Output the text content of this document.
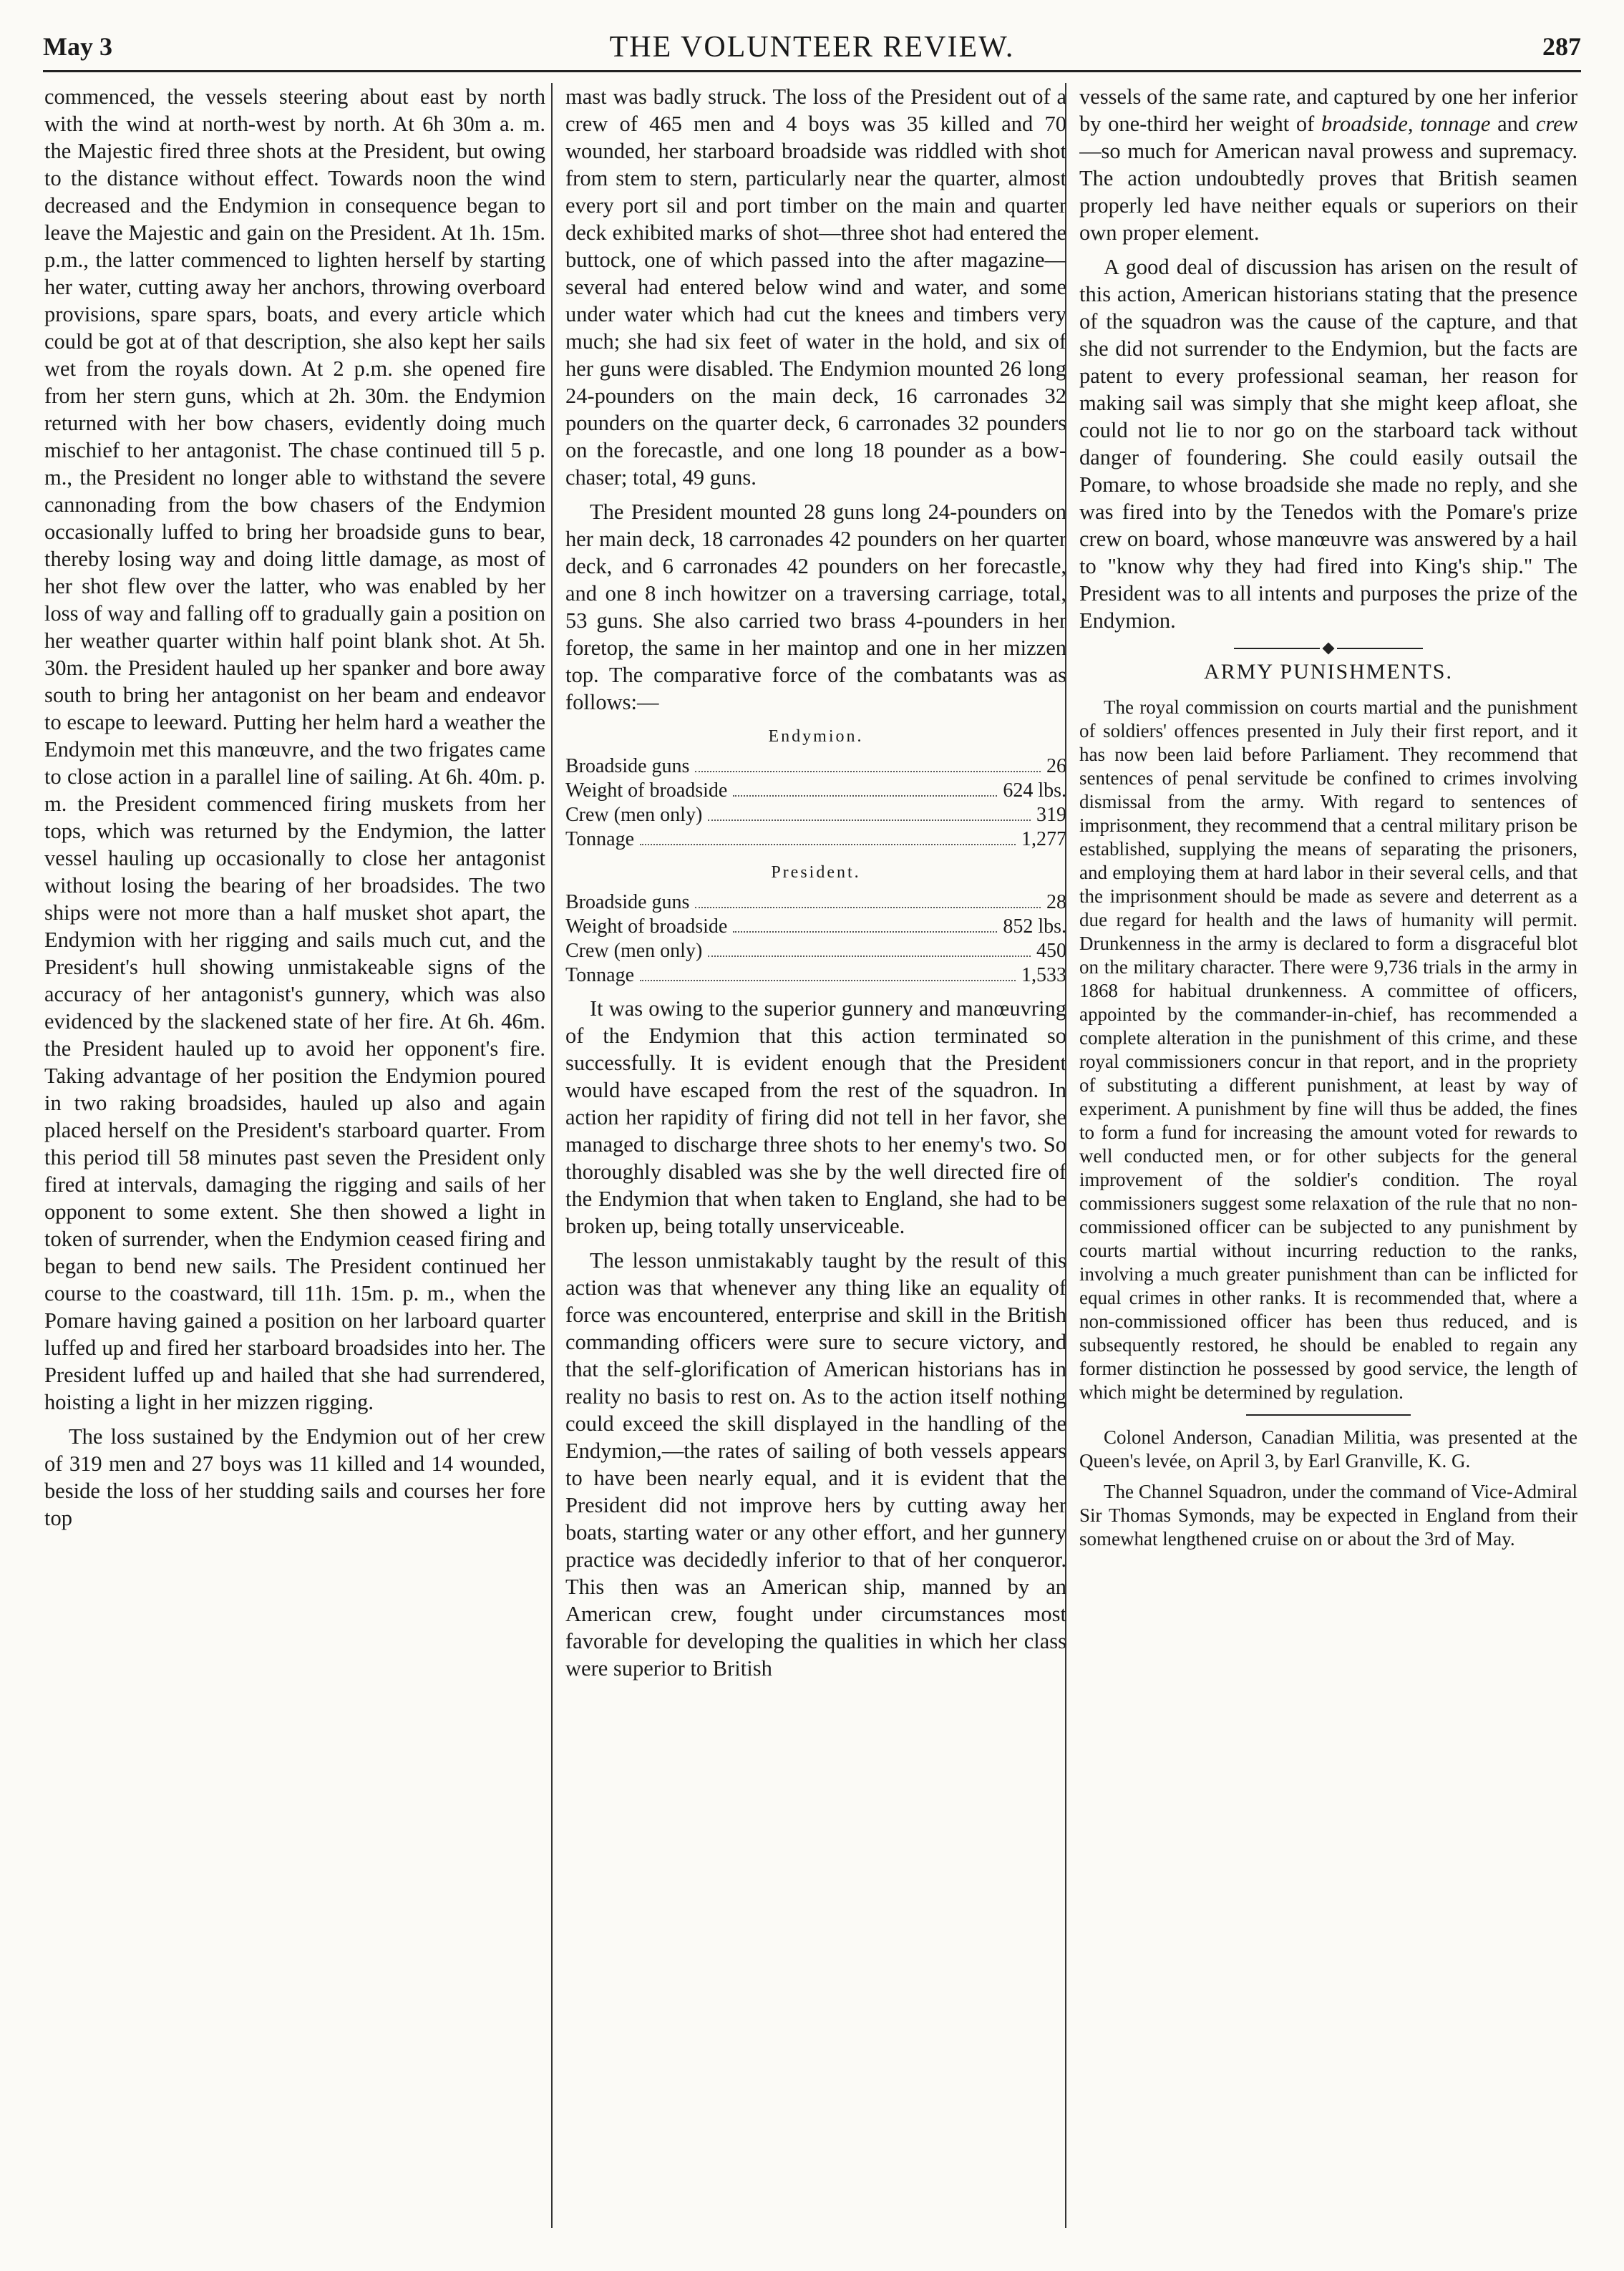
May 3	THE VOLUNTEER REVIEW.	287

commenced, the vessels steering about east by north with the wind at north-west by north. At 6h 30m a. m. the Majestic fired three shots at the President, but owing to the distance without effect. Towards noon the wind decreased and the Endymion in consequence began to leave the Majestic and gain on the President. At 1h. 15m. p.m., the latter commenced to lighten herself by starting her water, cutting away her anchors, throwing overboard provisions, spare spars, boats, and every article which could be got at of that description, she also kept her sails wet from the royals down. At 2 p.m. she opened fire from her stern guns, which at 2h. 30m. the Endymion returned with her bow chasers, evidently doing much mischief to her antagonist. The chase continued till 5 p. m., the President no longer able to withstand the severe cannonading from the bow chasers of the Endymion occasionally luffed to bring her broadside guns to bear, thereby losing way and doing little damage, as most of her shot flew over the latter, who was enabled by her loss of way and falling off to gradually gain a position on her weather quarter within half point blank shot. At 5h. 30m. the President hauled up her spanker and bore away south to bring her antagonist on her beam and endeavor to escape to leeward. Putting her helm hard a weather the Endymoin met this manœuvre, and the two frigates came to close action in a parallel line of sailing. At 6h. 40m. p. m. the President commenced firing muskets from her tops, which was returned by the Endymion, the latter vessel hauling up occasionally to close her antagonist without losing the bearing of her broadsides. The two ships were not more than a half musket shot apart, the Endymion with her rigging and sails much cut, and the President's hull showing unmistakeable signs of the accuracy of her antagonist's gunnery, which was also evidenced by the slackened state of her fire. At 6h. 46m. the President hauled up to avoid her opponent's fire. Taking advantage of her position the Endymion poured in two raking broadsides, hauled up also and again placed herself on the President's starboard quarter. From this period till 58 minutes past seven the President only fired at intervals, damaging the rigging and sails of her opponent to some extent. She then showed a light in token of surrender, when the Endymion ceased firing and began to bend new sails. The President continued her course to the coastward, till 11h. 15m. p. m., when the Pomare having gained a position on her larboard quarter luffed up and fired her starboard broadsides into her. The President luffed up and hailed that she had surrendered, hoisting a light in her mizzen rigging.

The loss sustained by the Endymion out of her crew of 319 men and 27 boys was 11 killed and 14 wounded, beside the loss of her studding sails and courses her fore top

mast was badly struck. The loss of the President out of a crew of 465 men and 4 boys was 35 killed and 70 wounded, her starboard broadside was riddled with shot from stem to stern, particularly near the quarter, almost every port sil and port timber on the main and quarter deck exhibited marks of shot—three shot had entered the buttock, one of which passed into the after magazine—several had entered below wind and water, and some under water which had cut the knees and timbers very much; she had six feet of water in the hold, and six of her guns were disabled. The Endymion mounted 26 long 24-pounders on the main deck, 16 carronades 32 pounders on the quarter deck, 6 carronades 32 pounders on the forecastle, and one long 18 pounder as a bow-chaser; total, 49 guns.

The President mounted 28 guns long 24-pounders on her main deck, 18 carronades 42 pounders on her quarter deck, and 6 carronades 42 pounders on her forecastle, and one 8 inch howitzer on a traversing carriage, total, 53 guns. She also carried two brass 4-pounders in her foretop, the same in her maintop and one in her mizzen top. The comparative force of the combatants was as follows:—

Endymion.
Broadside guns	26
Weight of broadside	624 lbs.
Crew (men only)	319
Tonnage	1,277
President.
Broadside guns	28
Weight of broadside	852 lbs.
Crew (men only)	450
Tonnage	1,533

It was owing to the superior gunnery and manœuvring of the Endymion that this action terminated so successfully. It is evident enough that the President would have escaped from the rest of the squadron. In action her rapidity of firing did not tell in her favor, she managed to discharge three shots to her enemy's two. So thoroughly disabled was she by the well directed fire of the Endymion that when taken to England, she had to be broken up, being totally unserviceable.

The lesson unmistakably taught by the result of this action was that whenever any thing like an equality of force was encountered, enterprise and skill in the British commanding officers were sure to secure victory, and that the self-glorification of American historians has in reality no basis to rest on. As to the action itself nothing could exceed the skill displayed in the handling of the Endymion,—the rates of sailing of both vessels appears to have been nearly equal, and it is evident that the President did not improve hers by cutting away her boats, starting water or any other effort, and her gunnery practice was decidedly inferior to that of her conqueror. This then was an American ship, manned by an American crew, fought under circumstances most favorable for developing the qualities in which her class were superior to British

vessels of the same rate, and captured by one her inferior by one-third her weight of broadside, tonnage and crew—so much for American naval prowess and supremacy. The action undoubtedly proves that British seamen properly led have neither equals or superiors on their own proper element.

A good deal of discussion has arisen on the result of this action, American historians stating that the presence of the squadron was the cause of the capture, and that she did not surrender to the Endymion, but the facts are patent to every professional seaman, her reason for making sail was simply that she might keep afloat, she could not lie to nor go on the starboard tack without danger of foundering. She could easily outsail the Pomare, to whose broadside she made no reply, and she was fired into by the Tenedos with the Pomare's prize crew on board, whose manœuvre was answered by a hail to "know why they had fired into King's ship." The President was to all intents and purposes the prize of the Endymion.

ARMY PUNISHMENTS.

The royal commission on courts martial and the punishment of soldiers' offences presented in July their first report, and it has now been laid before Parliament. They recommend that sentences of penal servitude be confined to crimes involving dismissal from the army. With regard to sentences of imprisonment, they recommend that a central military prison be established, supplying the means of separating the prisoners, and employing them at hard labor in their several cells, and that the imprisonment should be made as severe and deterrent as a due regard for health and the laws of humanity will permit. Drunkenness in the army is declared to form a disgraceful blot on the military character. There were 9,736 trials in the army in 1868 for habitual drunkenness. A committee of officers, appointed by the commander-in-chief, has recommended a complete alteration in the punishment of this crime, and these royal commissioners concur in that report, and in the propriety of substituting a different punishment, at least by way of experiment. A punishment by fine will thus be added, the fines to form a fund for increasing the amount voted for rewards to well conducted men, or for other subjects for the general improvement of the soldier's condition. The royal commissioners suggest some relaxation of the rule that no non-commissioned officer can be subjected to any punishment by courts martial without incurring reduction to the ranks, involving a much greater punishment than can be inflicted for equal crimes in other ranks. It is recommended that, where a non-commissioned officer has been thus reduced, and is subsequently restored, he should be enabled to regain any former distinction he possessed by good service, the length of which might be determined by regulation.

Colonel Anderson, Canadian Militia, was presented at the Queen's levée, on April 3, by Earl Granville, K. G.

The Channel Squadron, under the command of Vice-Admiral Sir Thomas Symonds, may be expected in England from their somewhat lengthened cruise on or about the 3rd of May.
